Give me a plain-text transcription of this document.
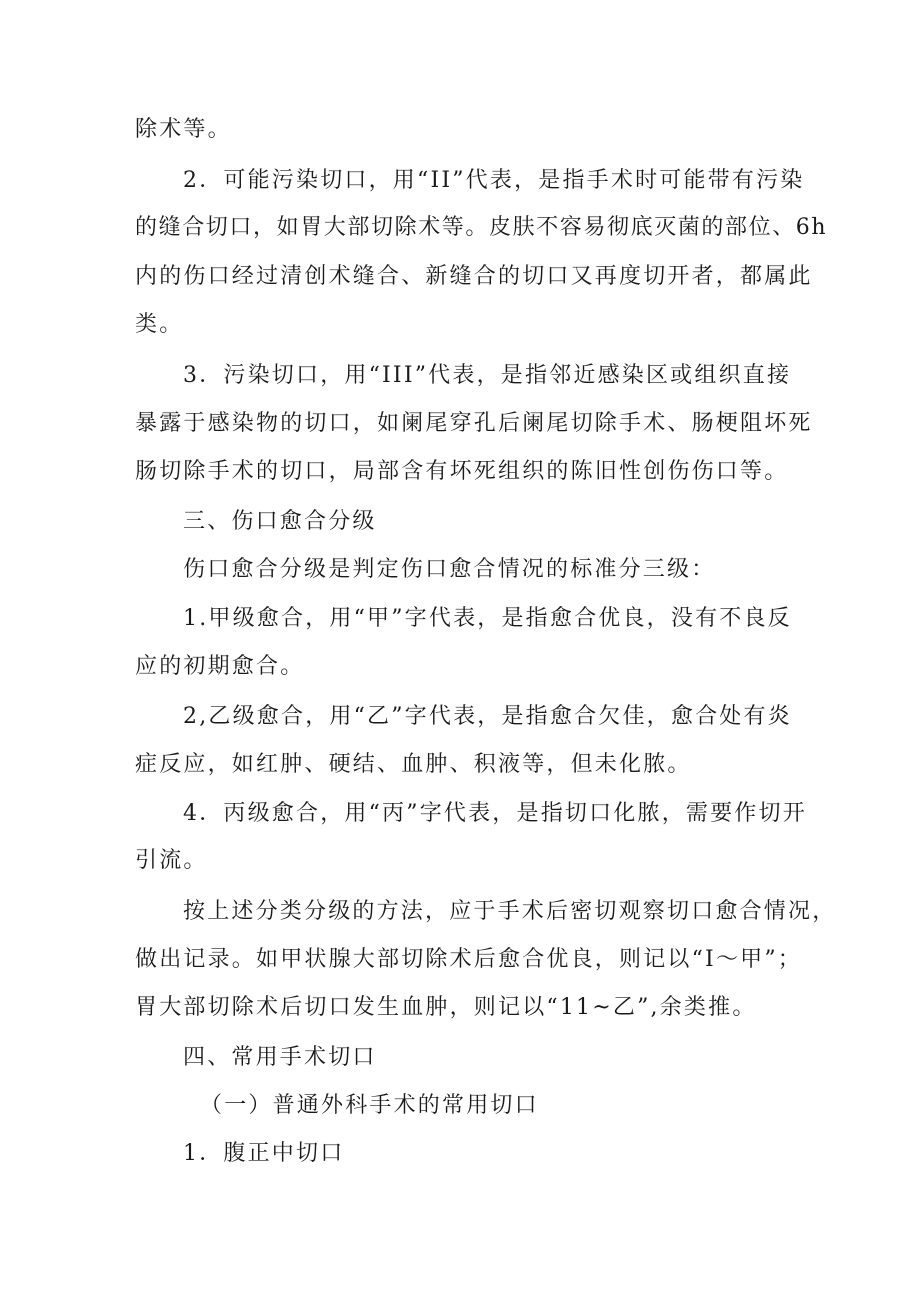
除术等。
2．可能污染切口，用“II”代表，是指手术时可能带有污染
的缝合切口，如胃大部切除术等。皮肤不容易彻底灭菌的部位、6h
内的伤口经过清创术缝合、新缝合的切口又再度切开者，都属此
类。
3．污染切口，用“III”代表，是指邻近感染区或组织直接
暴露于感染物的切口，如阑尾穿孔后阑尾切除手术、肠梗阻坏死
肠切除手术的切口，局部含有坏死组织的陈旧性创伤伤口等。
三、伤口愈合分级
伤口愈合分级是判定伤口愈合情况的标准分三级：
1.甲级愈合，用“甲”字代表，是指愈合优良，没有不良反
应的初期愈合。
2,乙级愈合，用“乙”字代表，是指愈合欠佳，愈合处有炎
症反应，如红肿、硬结、血肿、积液等，但未化脓。
4．丙级愈合，用“丙”字代表，是指切口化脓，需要作切开
引流。
按上述分类分级的方法，应于手术后密切观察切口愈合情况，
做出记录。如甲状腺大部切除术后愈合优良，则记以“I～甲”；
胃大部切除术后切口发生血肿，则记以“11~乙”,余类推。
四、常用手术切口
（一）普通外科手术的常用切口
1．腹正中切口
